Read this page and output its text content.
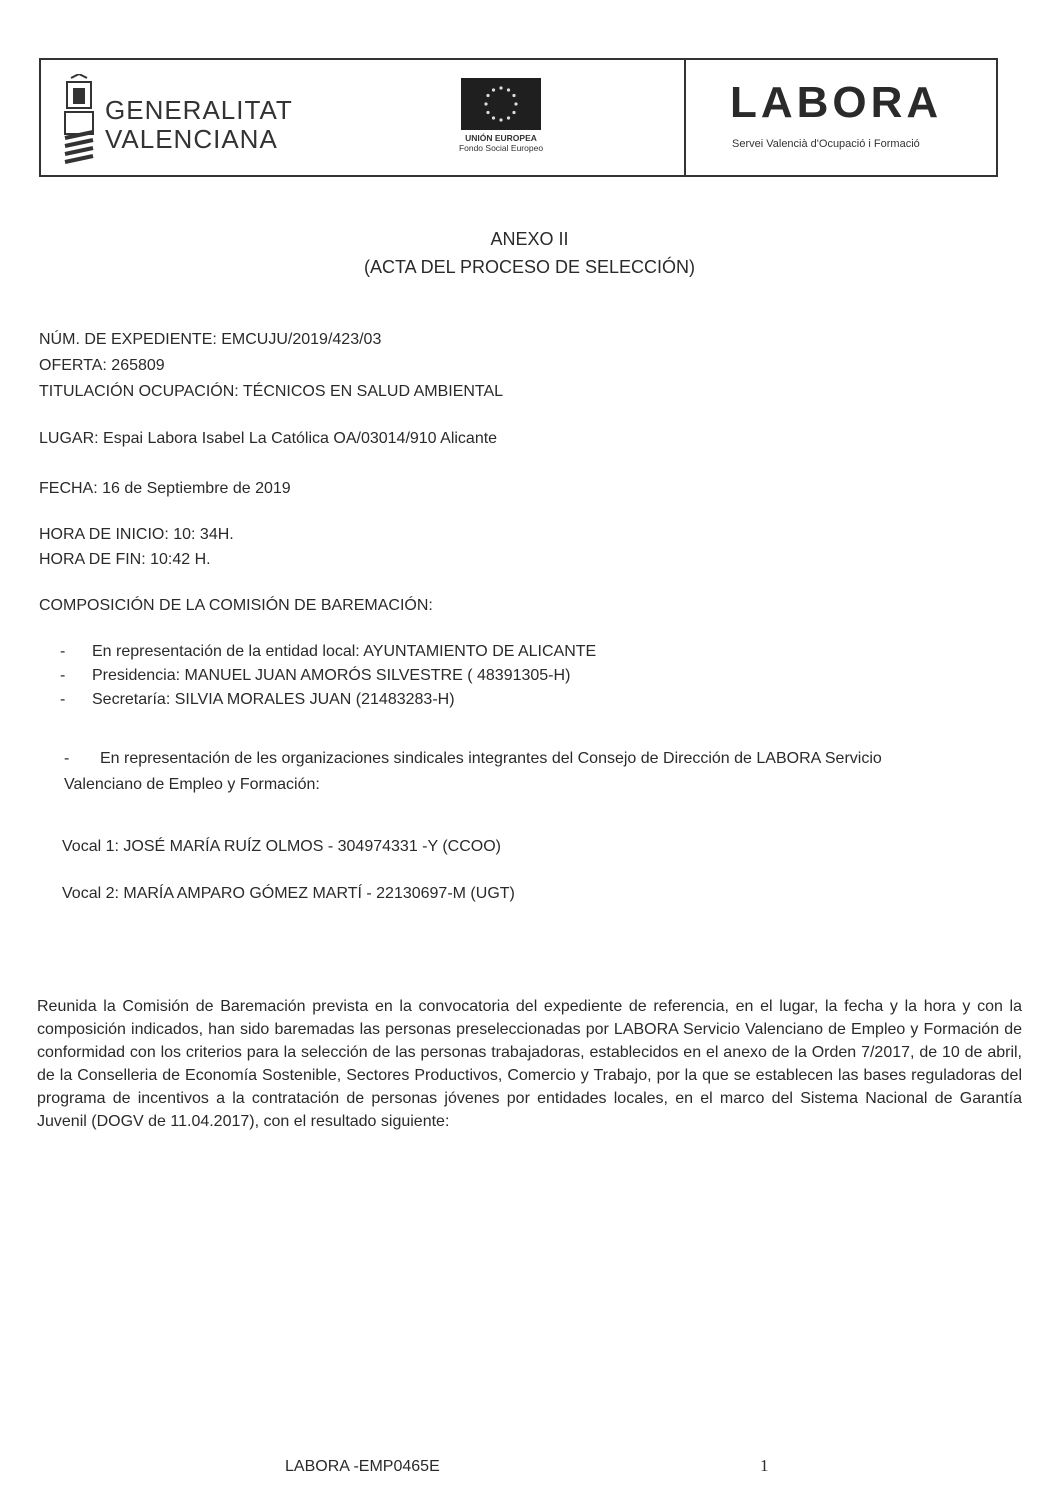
GENERALITAT
VALENCIANA	UNIÓN EUROPEA
Fondo Social Europeo
LABORA
Servei Valencià d'Ocupació i Formació
ANEXO II
(ACTA DEL PROCESO DE SELECCIÓN)
NÚM. DE EXPEDIENTE: EMCUJU/2019/423/03
OFERTA: 265809
TITULACIÓN OCUPACIÓN: TÉCNICOS EN SALUD AMBIENTAL
LUGAR: Espai Labora Isabel La Católica OA/03014/910 Alicante
FECHA: 16 de Septiembre de 2019
HORA DE INICIO: 10: 34H.
HORA DE FIN: 10:42 H.
COMPOSICIÓN DE LA COMISIÓN DE BAREMACIÓN:
- En representación de la entidad local: AYUNTAMIENTO DE ALICANTE
- Presidencia: MANUEL JUAN AMORÓS SILVESTRE ( 48391305-H)
- Secretaría: SILVIA MORALES JUAN (21483283-H)
- En representación de les organizaciones sindicales integrantes del Consejo de Dirección de LABORA Servicio
Valenciano de Empleo y Formación:
Vocal 1: JOSÉ MARÍA RUÍZ OLMOS - 304974331 -Y (CCOO)
Vocal 2: MARÍA AMPARO GÓMEZ MARTÍ - 22130697-M (UGT)
Reunida la Comisión de Baremación prevista en la convocatoria del expediente de referencia, en el lugar, la fecha y la hora y con la composición indicados, han sido baremadas las personas preseleccionadas por LABORA Servicio Valenciano de Empleo y Formación de conformidad con los criterios para la selección de las personas trabajadoras, establecidos en el anexo de la Orden 7/2017, de 10 de abril, de la Conselleria de Economía Sostenible, Sectores Productivos, Comercio y Trabajo, por la que se establecen las bases reguladoras del programa de incentivos a la contratación de personas jóvenes por entidades locales, en el marco del Sistema Nacional de Garantía Juvenil (DOGV de 11.04.2017), con el resultado siguiente:
LABORA -EMP0465E	1
